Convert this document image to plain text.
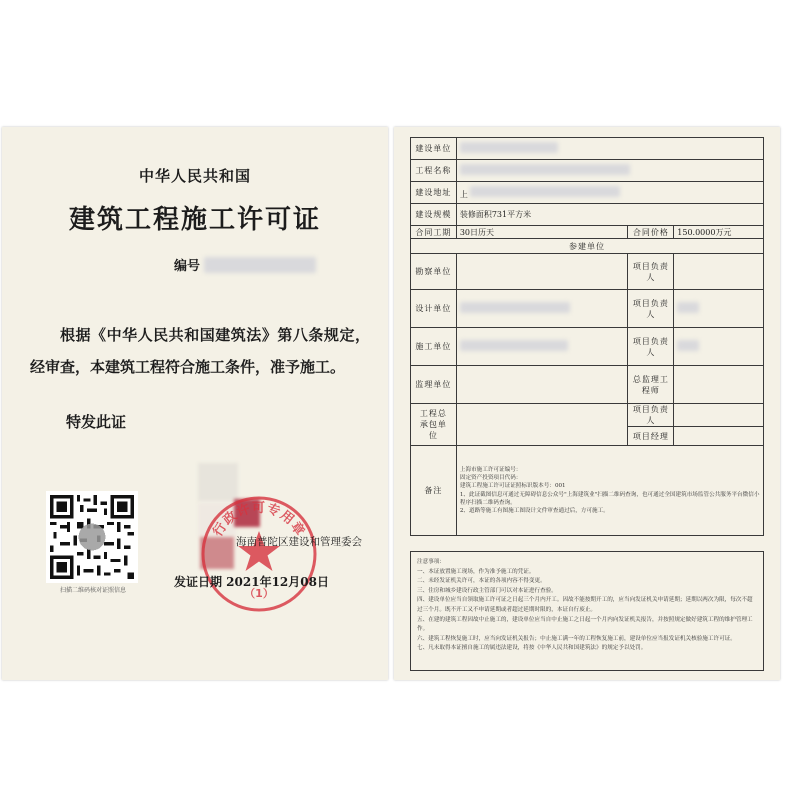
中华人民共和国
建筑工程施工许可证
编号
根据《中华人民共和国建筑法》第八条规定，经审查，本建筑工程符合施工条件，准予施工。
特发此证
扫描二维码核对证照信息
行政许可专用章
（1）
海南普陀区建设和管理委会
发证日期 2021年12月08日
建设单位			
工程名称			
建设地址	上		
建设规模	装修面积731平方米		
合同工期	30日历天	合同价格	150.0000万元
参建单位			
勘察单位		项目负责人	
设计单位		项目负责人	
施工单位		项目负责人	
监理单位		总监理工程师	
工程总承包单位		项目负责人	
		项目经理	
备注	上海市施工许可证编号：
固定资产投资项目代码：
建筑工程施工许可证证照标识版本号：001
1、此证截图信息可通过无障碍信息公众号"上海建筑业"扫描二维码查询，也可通过全国建筑市场监管公共服务平台微信小程序扫描二维码查询。
2、道路等施工有图施工图设计文件审查通过后，方可施工。		
注意事项：
一、本证放置施工现场，作为准予施工的凭证。
二、未经发证机关许可，本证的各项内容不得变更。
三、住房和城乡建设行政主管部门可以对本证进行查验。
四、建设单位应当自领取施工许可证之日起三个月内开工。因故不能按期开工的，应当向发证机关申请延期；延期以两次为限，每次不超过三个月。既不开工又不申请延期或者超过延期时限的，本证自行废止。
五、在建的建筑工程因故中止施工的，建设单位应当自中止施工之日起一个月内向发证机关报告，并按照规定做好建筑工程的维护管理工作。
六、建筑工程恢复施工时，应当向发证机关报告；中止施工满一年的工程恢复施工前，建设单位应当报发证机关核验施工许可证。
七、凡未取得本证擅自施工的属违法建设，将按《中华人民共和国建筑法》的规定予以处罚。
